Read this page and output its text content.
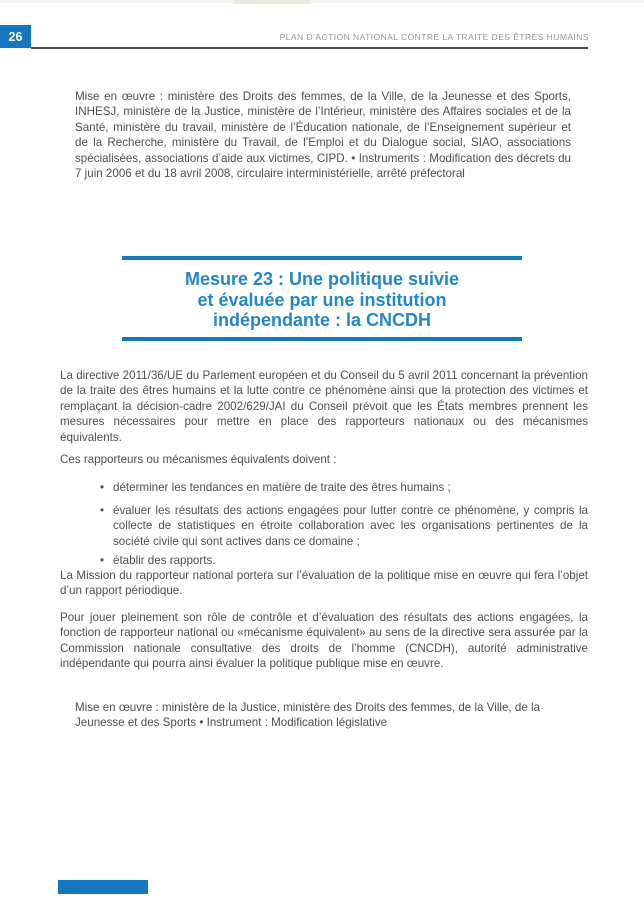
26	PLAN D’ACTION NATIONAL CONTRE LA TRAITE DES ÊTRES HUMAINS

Mise en œuvre : ministère des Droits des femmes, de la Ville, de la Jeunesse et des Sports, INHESJ, ministère de la Justice, ministère de l’Intérieur, ministère des Affaires sociales et de la Santé, ministère du travail, ministère de l’Éducation nationale, de l’Enseignement supérieur et de la Recherche, ministère du Travail, de l’Emploi et du Dialogue social, SIAO, associations spécialisées, associations d’aide aux victimes, CIPD. • Instruments : Modification des décrets du 7 juin 2006 et du 18 avril 2008, circulaire interministérielle, arrêté préfectoral

Mesure 23 : Une politique suivie
et évaluée par une institution
indépendante : la CNCDH

La directive 2011/36/UE du Parlement européen et du Conseil du 5 avril 2011 concernant la prévention de la traite des êtres humains et la lutte contre ce phénomène ainsi que la protection des victimes et remplaçant la décision-cadre 2002/629/JAI du Conseil prévoit que les États membres prennent les mesures nécessaires pour mettre en place des rapporteurs nationaux ou des mécanismes équivalents.

Ces rapporteurs ou mécanismes équivalents doivent :

• déterminer les tendances en matière de traite des êtres humains ;
• évaluer les résultats des actions engagées pour lutter contre ce phénomène, y compris la collecte de statistiques en étroite collaboration avec les organisations pertinentes de la société civile qui sont actives dans ce domaine ;
• établir des rapports.

La Mission du rapporteur national portera sur l’évaluation de la politique mise en œuvre qui fera l’objet d’un rapport périodique.

Pour jouer pleinement son rôle de contrôle et d’évaluation des résultats des actions engagées, la fonction de rapporteur national ou «mécanisme équivalent» au sens de la directive sera assurée par la Commission nationale consultative des droits de l’homme (CNCDH), autorité administrative indépendante qui pourra ainsi évaluer la politique publique mise en œuvre.

Mise en œuvre : ministère de la Justice, ministère des Droits des femmes, de la Ville, de la Jeunesse et des Sports • Instrument : Modification législative
